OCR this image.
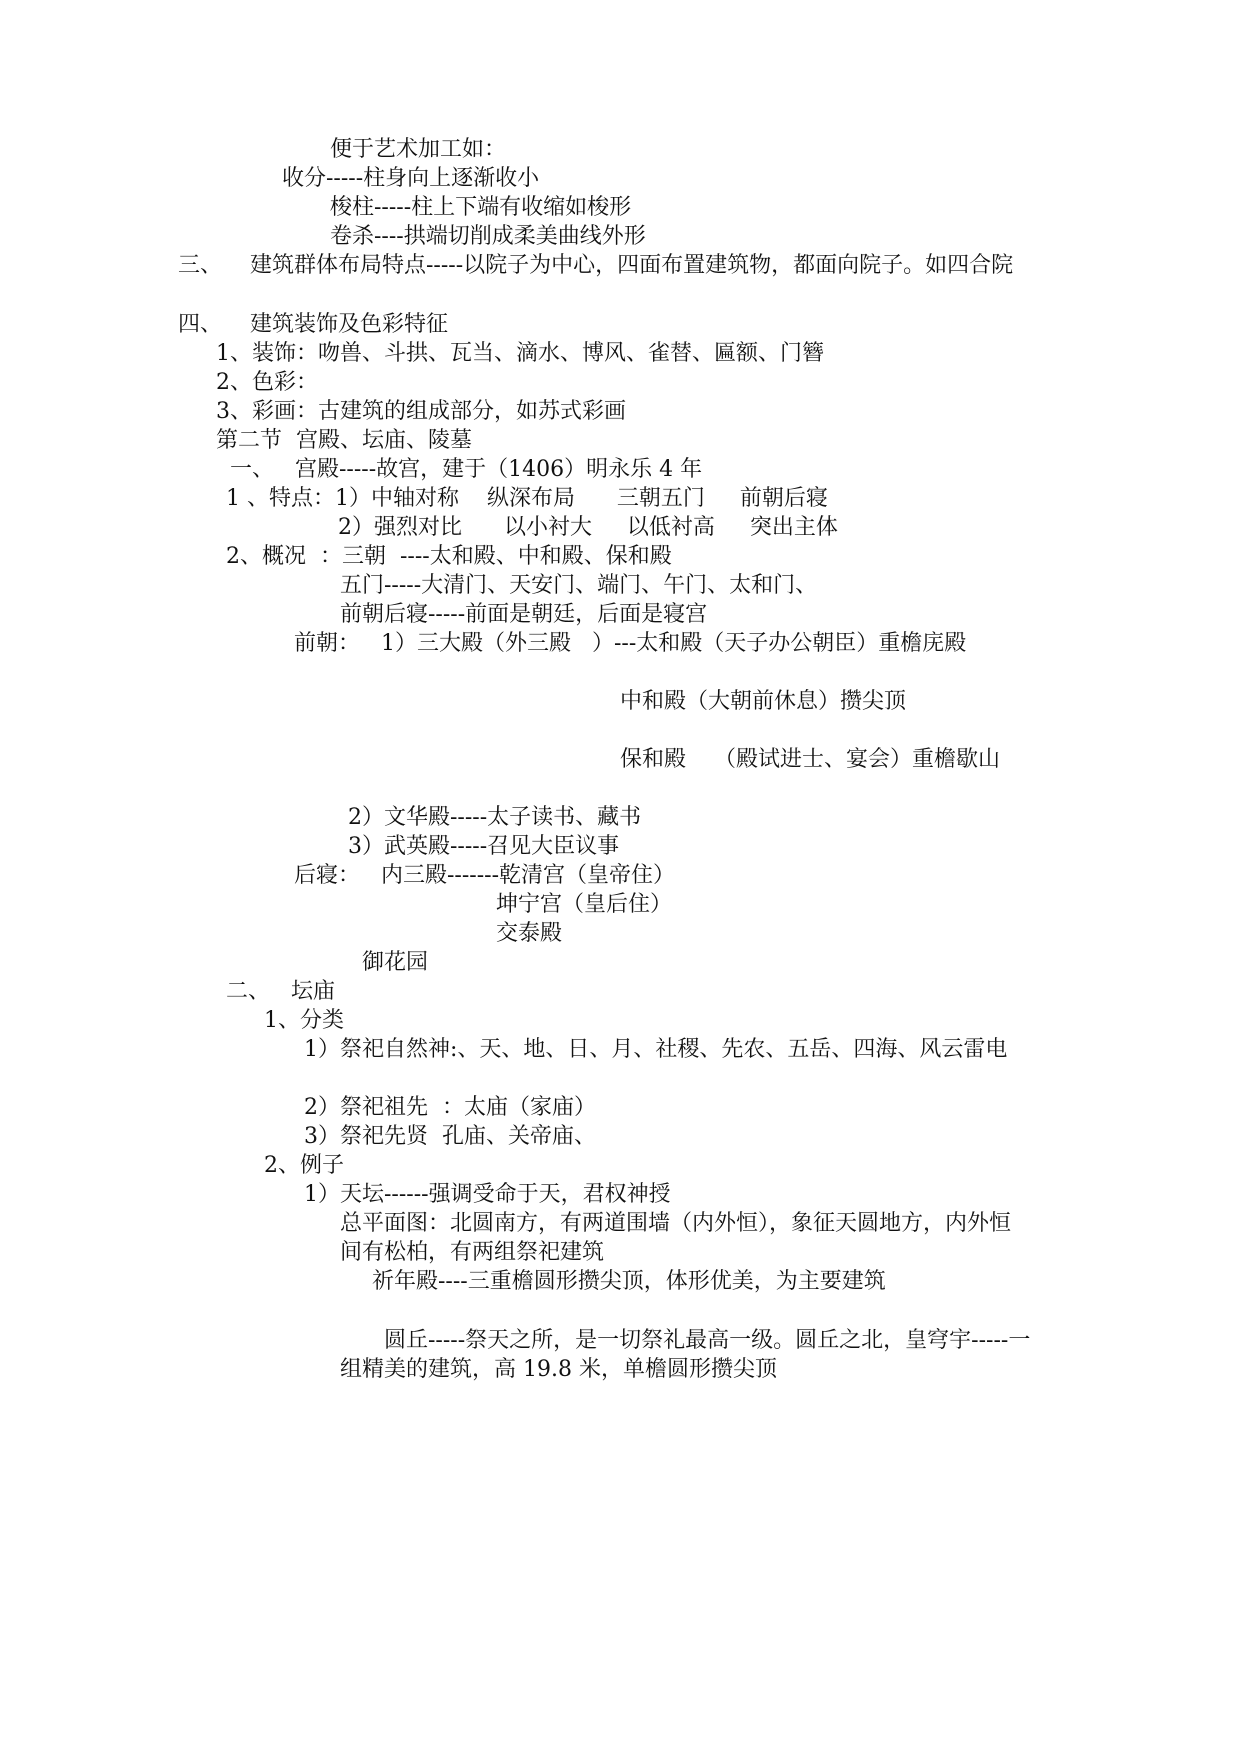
便于艺术加工如：
收分-----柱身向上逐渐收小
梭柱-----柱上下端有收缩如梭形
卷杀----拱端切削成柔美曲线外形
三、    建筑群体布局特点-----以院子为中心，四面布置建筑物，都面向院子。如四合院
四、    建筑装饰及色彩特征
1、装饰：吻兽、斗拱、瓦当、滴水、博风、雀替、匾额、门簪
2、色彩：
3、彩画：古建筑的组成部分，如苏式彩画
第二节  宫殿、坛庙、陵墓
一、   宫殿-----故宫，建于（1406）明永乐 4 年
1 、特点：1）中轴对称    纵深布局      三朝五门     前朝后寝
2）强烈对比      以小衬大     以低衬高     突出主体
2、概况  ：三朝  ----太和殿、中和殿、保和殿
五门-----大清门、天安门、端门、午门、太和门、
前朝后寝-----前面是朝廷，后面是寝宫
前朝：   1）三大殿（外三殿   ）---太和殿（天子办公朝臣）重檐庑殿
中和殿（大朝前休息）攒尖顶
保和殿    （殿试进士、宴会）重檐歇山
2）文华殿-----太子读书、藏书
3）武英殿-----召见大臣议事
后寝：   内三殿-------乾清宫（皇帝住）
坤宁宫（皇后住）
交泰殿
御花园
二、   坛庙
1、分类
1）祭祀自然神:、天、地、日、月、社稷、先农、五岳、四海、风云雷电
2）祭祀祖先  ：太庙（家庙）
3）祭祀先贤  孔庙、关帝庙、
2、例子
1）天坛------强调受命于天，君权神授
总平面图：北圆南方，有两道围墙（内外恒），象征天圆地方，内外恒
间有松柏，有两组祭祀建筑
祈年殿----三重檐圆形攒尖顶，体形优美，为主要建筑
圆丘-----祭天之所，是一切祭礼最高一级。圆丘之北，皇穹宇-----一
组精美的建筑，高 19.8 米，单檐圆形攒尖顶
